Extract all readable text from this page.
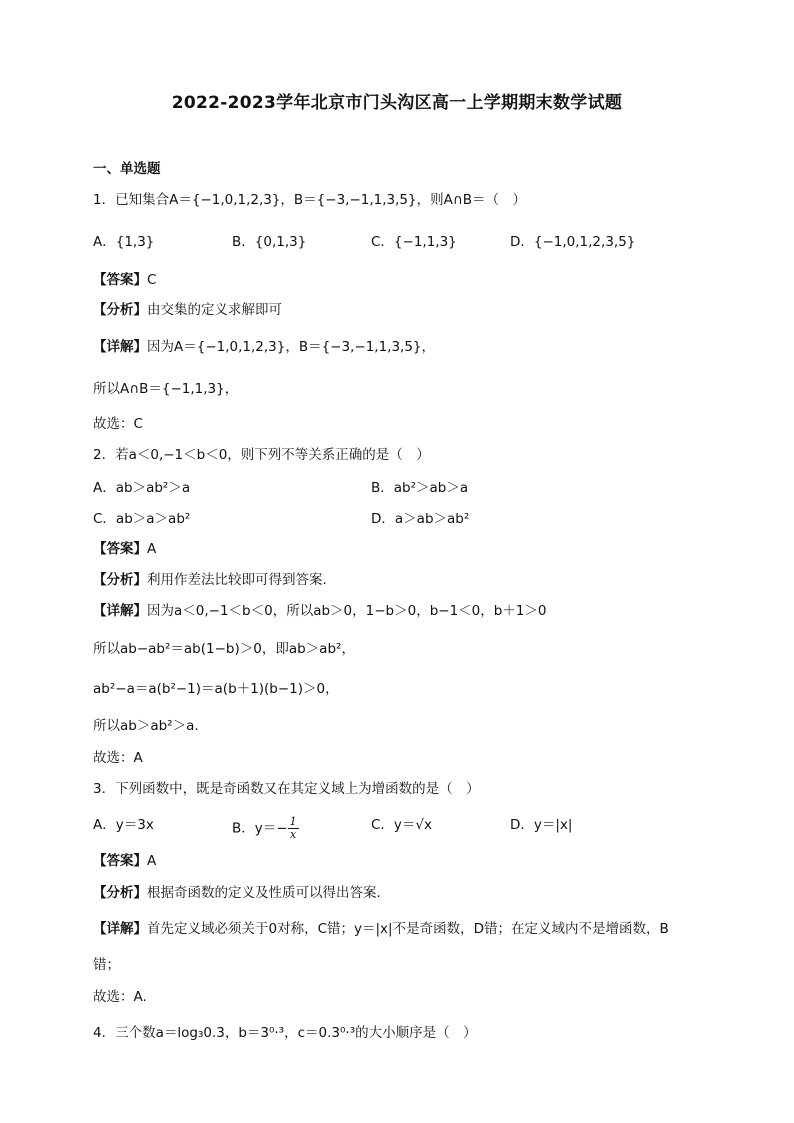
2022-2023学年北京市门头沟区高一上学期期末数学试题
一、单选题
1．已知集合A＝{−1,0,1,2,3}，B＝{−3,−1,1,3,5}，则A∩B＝（　）
A．{1,3}	B．{0,1,3}	C．{−1,1,3}	D．{−1,0,1,2,3,5}
【答案】C
【分析】由交集的定义求解即可
【详解】因为A＝{−1,0,1,2,3}，B＝{−3,−1,1,3,5}，
所以A∩B＝{−1,1,3}，
故选：C
2．若a＜0,−1＜b＜0，则下列不等关系正确的是（　）
A．ab＞ab²＞a	B．ab²＞ab＞a
C．ab＞a＞ab²	D．a＞ab＞ab²
【答案】A
【分析】利用作差法比较即可得到答案.
【详解】因为a＜0,−1＜b＜0，所以ab＞0，1−b＞0，b−1＜0，b＋1＞0
所以ab−ab²＝ab(1−b)＞0，即ab＞ab²，
ab²−a＝a(b²−1)＝a(b＋1)(b−1)＞0，
所以ab＞ab²＞a.
故选：A
3．下列函数中，既是奇函数又在其定义域上为增函数的是（　）
A．y＝3x	B．$y=- \frac{1}{x}$	C．y＝√x	D．y＝|x|
【答案】A
【分析】根据奇函数的定义及性质可以得出答案.
【详解】首先定义域必须关于0对称，C错；y＝|x|不是奇函数，D错；在定义域内不是增函数，B
错；
故选：A.
4．三个数a＝log₃0.3，b＝3⁰·³，c＝0.3⁰·³的大小顺序是（　）
